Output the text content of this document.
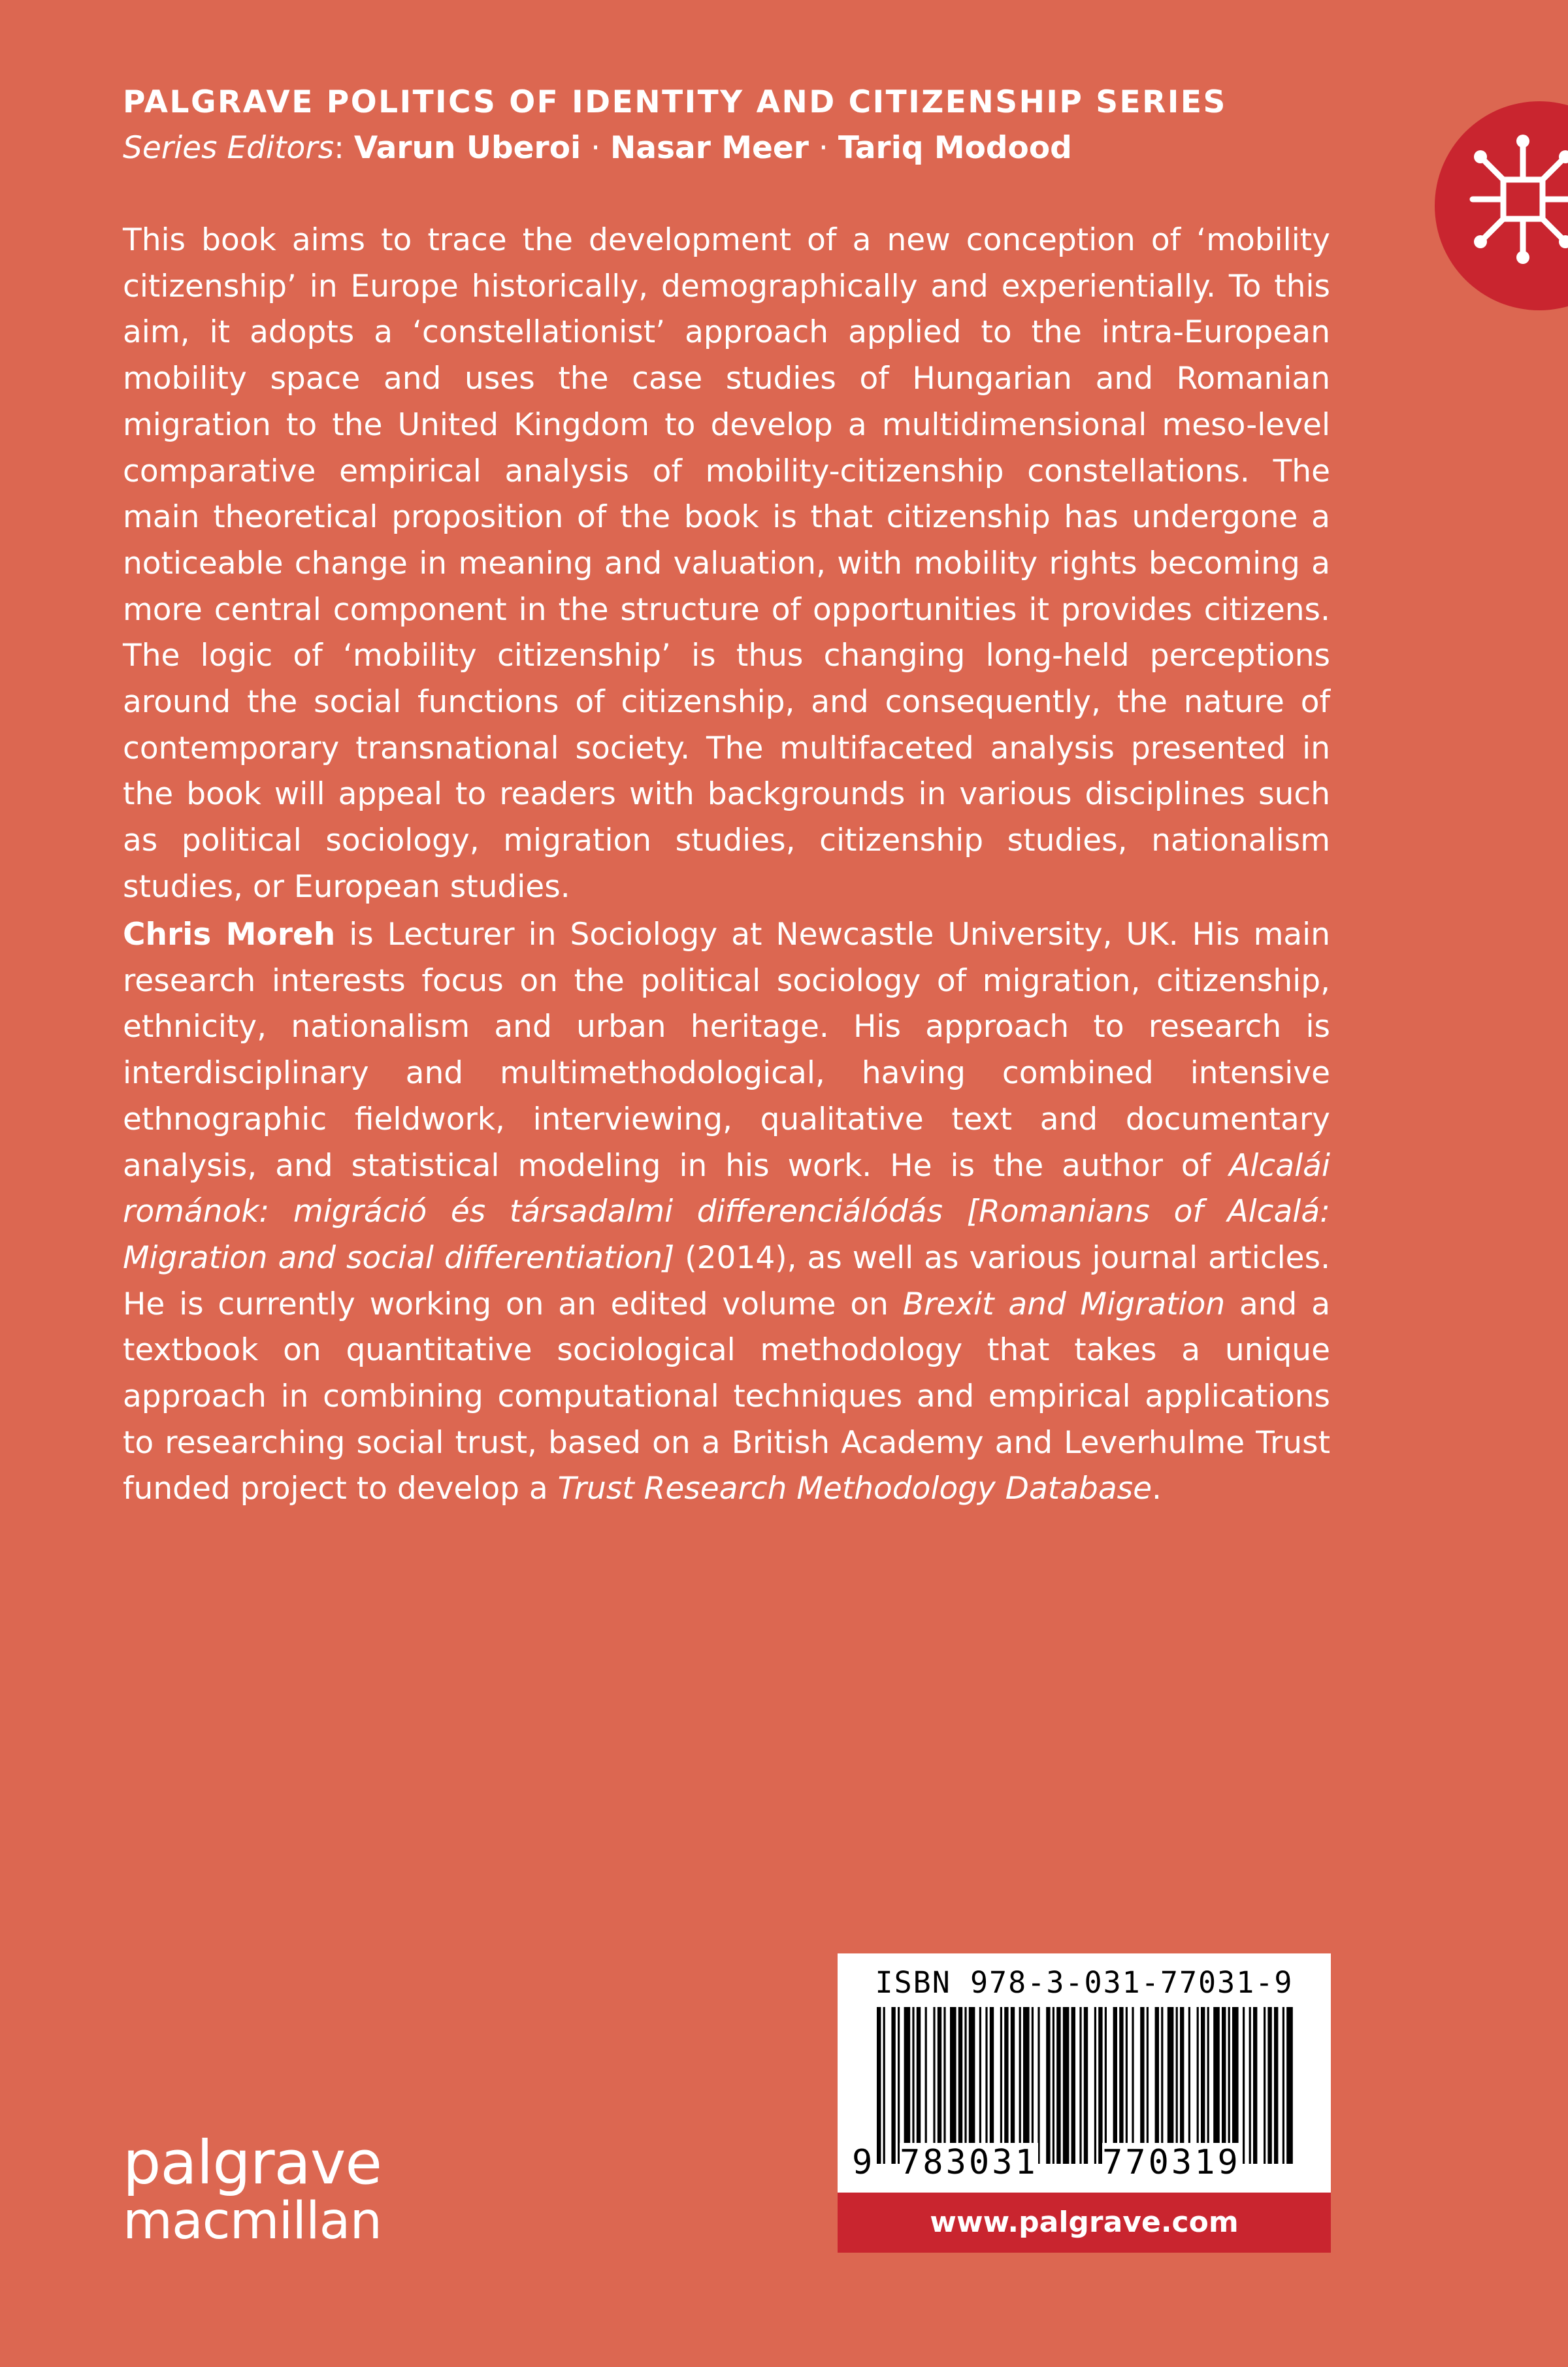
PALGRAVE POLITICS OF IDENTITY AND CITIZENSHIP SERIES
Series Editors: Varun Uberoi · Nasar Meer · Tariq Modood
This book aims to trace the development of a new conception of ‘mobility citizenship’ in Europe historically, demographically and experientially. To this aim, it adopts a ‘constellationist’ approach applied to the intra-European mobility space and uses the case studies of Hungarian and Romanian migration to the United Kingdom to develop a multidimensional meso-level comparative empirical analysis of mobility-citizenship constellations. The main theoretical proposition of the book is that citizenship has undergone a noticeable change in meaning and valuation, with mobility rights becoming a more central component in the structure of opportunities it provides citizens. The logic of ‘mobility citizenship’ is thus changing long-held perceptions around the social functions of citizenship, and consequently, the nature of contemporary transnational society. The multifaceted analysis presented in the book will appeal to readers with backgrounds in various disciplines such as political sociology, migration studies, citizenship studies, nationalism studies, or European studies.
Chris Moreh is Lecturer in Sociology at Newcastle University, UK. His main research interests focus on the political sociology of migration, citizenship, ethnicity, nationalism and urban heritage. His approach to research is interdisciplinary and multimethodological, having combined intensive ethnographic fieldwork, interviewing, qualitative text and documentary analysis, and statistical modeling in his work. He is the author of Alcalái románok: migráció és társadalmi differenciálódás [Romanians of Alcalá: Migration and social differentiation] (2014), as well as various journal articles. He is currently working on an edited volume on Brexit and Migration and a textbook on quantitative sociological methodology that takes a unique approach in combining computational techniques and empirical applications to researching social trust, based on a British Academy and Leverhulme Trust funded project to develop a Trust Research Methodology Database.
palgrave
macmillan
ISBN 978-3-031-77031-9
9 783031 770319
www.palgrave.com
